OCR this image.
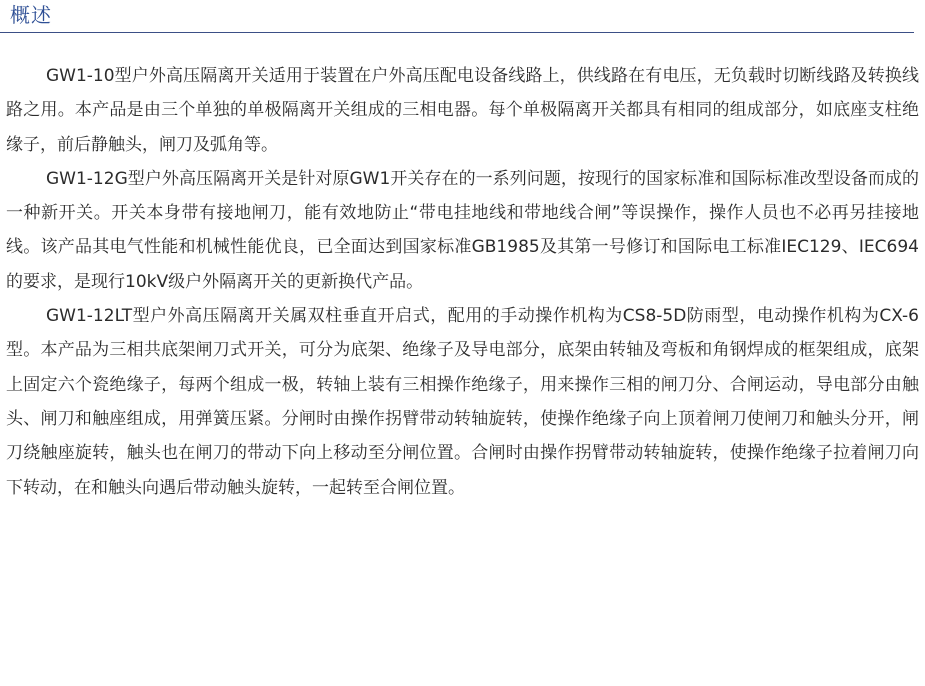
概述

GW1-10型户外高压隔离开关适用于装置在户外高压配电设备线路上，供线路在有电压，无负载时切断线路及转换线路之用。本产品是由三个单独的单极隔离开关组成的三相电器。每个单极隔离开关都具有相同的组成部分，如底座支柱绝缘子，前后静触头，闸刀及弧角等。

GW1-12G型户外高压隔离开关是针对原GW1开关存在的一系列问题，按现行的国家标准和国际标准改型设备而成的一种新开关。开关本身带有接地闸刀，能有效地防止“带电挂地线和带地线合闸”等误操作，操作人员也不必再另挂接地线。该产品其电气性能和机械性能优良，已全面达到国家标准GB1985及其第一号修订和国际电工标准IEC129、IEC694的要求，是现行10kV级户外隔离开关的更新换代产品。

GW1-12LT型户外高压隔离开关属双柱垂直开启式，配用的手动操作机构为CS8-5D防雨型，电动操作机构为CX-6型。本产品为三相共底架闸刀式开关，可分为底架、绝缘子及导电部分，底架由转轴及弯板和角钢焊成的框架组成，底架上固定六个瓷绝缘子，每两个组成一极，转轴上装有三相操作绝缘子，用来操作三相的闸刀分、合闸运动，导电部分由触头、闸刀和触座组成，用弹簧压紧。分闸时由操作拐臂带动转轴旋转，使操作绝缘子向上顶着闸刀使闸刀和触头分开，闸刀绕触座旋转，触头也在闸刀的带动下向上移动至分闸位置。合闸时由操作拐臂带动转轴旋转，使操作绝缘子拉着闸刀向下转动，在和触头向遇后带动触头旋转，一起转至合闸位置。
